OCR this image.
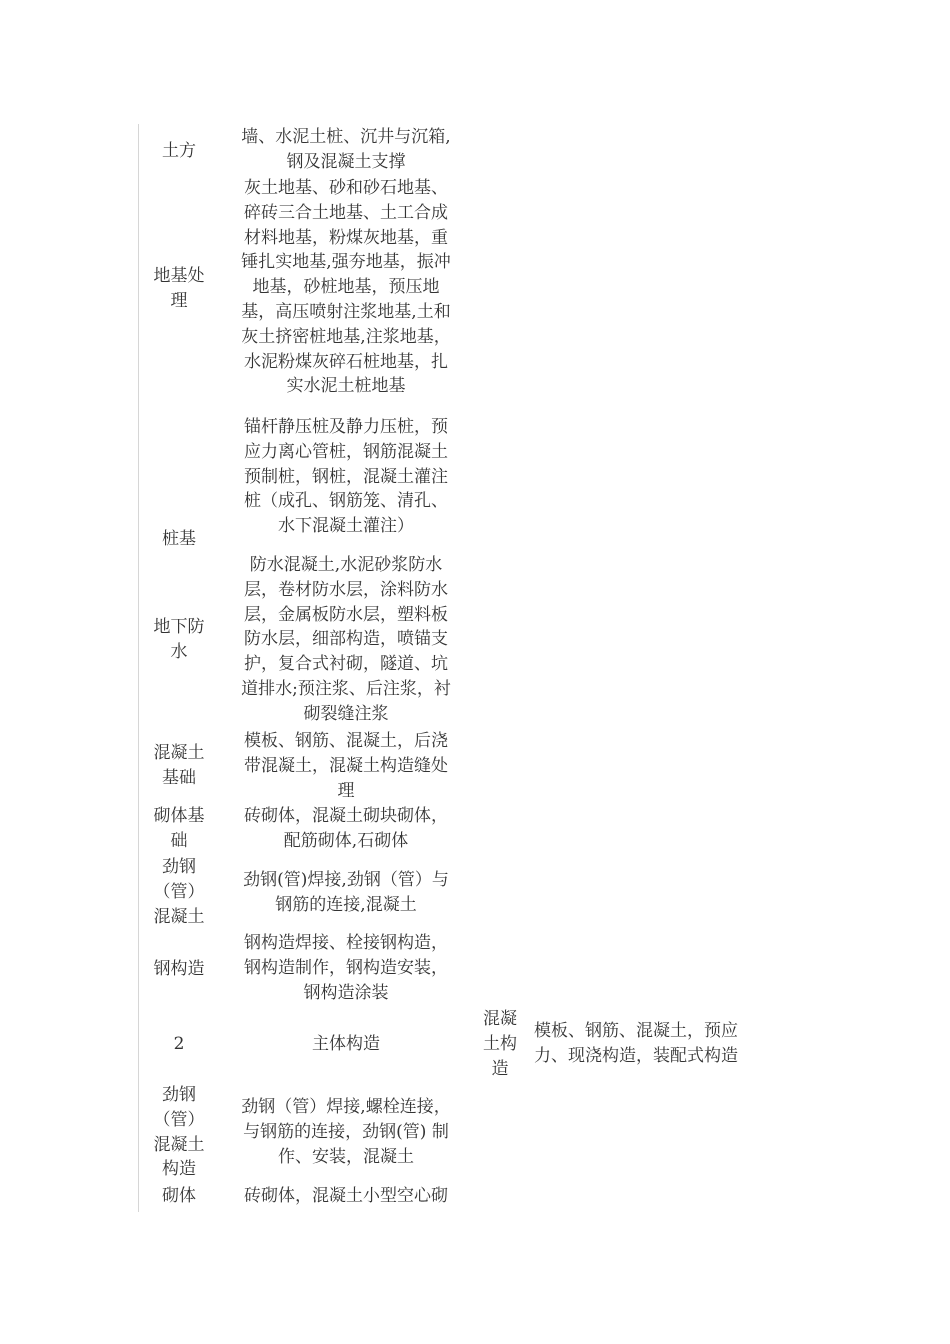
土方

墙、水泥土桩、沉井与沉箱,
钢及混凝土支撑

地基处
理

灰土地基、砂和砂石地基、
碎砖三合土地基、土工合成
材料地基，粉煤灰地基，重
锤扎实地基,强夯地基，振冲
地基，砂桩地基，预压地
基，高压喷射注浆地基,土和
灰土挤密桩地基,注浆地基，
水泥粉煤灰碎石桩地基，扎
实水泥土桩地基

锚杆静压桩及静力压桩，预
应力离心管桩，钢筋混凝土
预制桩，钢桩，混凝土灌注
桩（成孔、钢筋笼、清孔、
水下混凝土灌注）

桩基

地下防
水

防水混凝土,水泥砂浆防水
层，卷材防水层，涂料防水
层，金属板防水层，塑料板
防水层，细部构造，喷锚支
护，复合式衬砌，隧道、坑
道排水;预注浆、后注浆，衬
砌裂缝注浆

混凝土
基础

模板、钢筋、混凝土，后浇
带混凝土，混凝土构造缝处
理

砌体基
础

砖砌体，混凝土砌块砌体，
配筋砌体,石砌体

劲钢
（管）
混凝土

劲钢(管)焊接,劲钢（管）与
钢筋的连接,混凝土

钢构造

钢构造焊接、栓接钢构造，
钢构造制作，钢构造安装，
钢构造涂装

2	主体构造

混凝
土构
造

模板、钢筋、混凝土，预应
力、现浇构造，装配式构造

劲钢
（管）
混凝土
构造

劲钢（管）焊接,螺栓连接，
与钢筋的连接，劲钢(管) 制
作、安装，混凝土

砌体	砖砌体，混凝土小型空心砌
